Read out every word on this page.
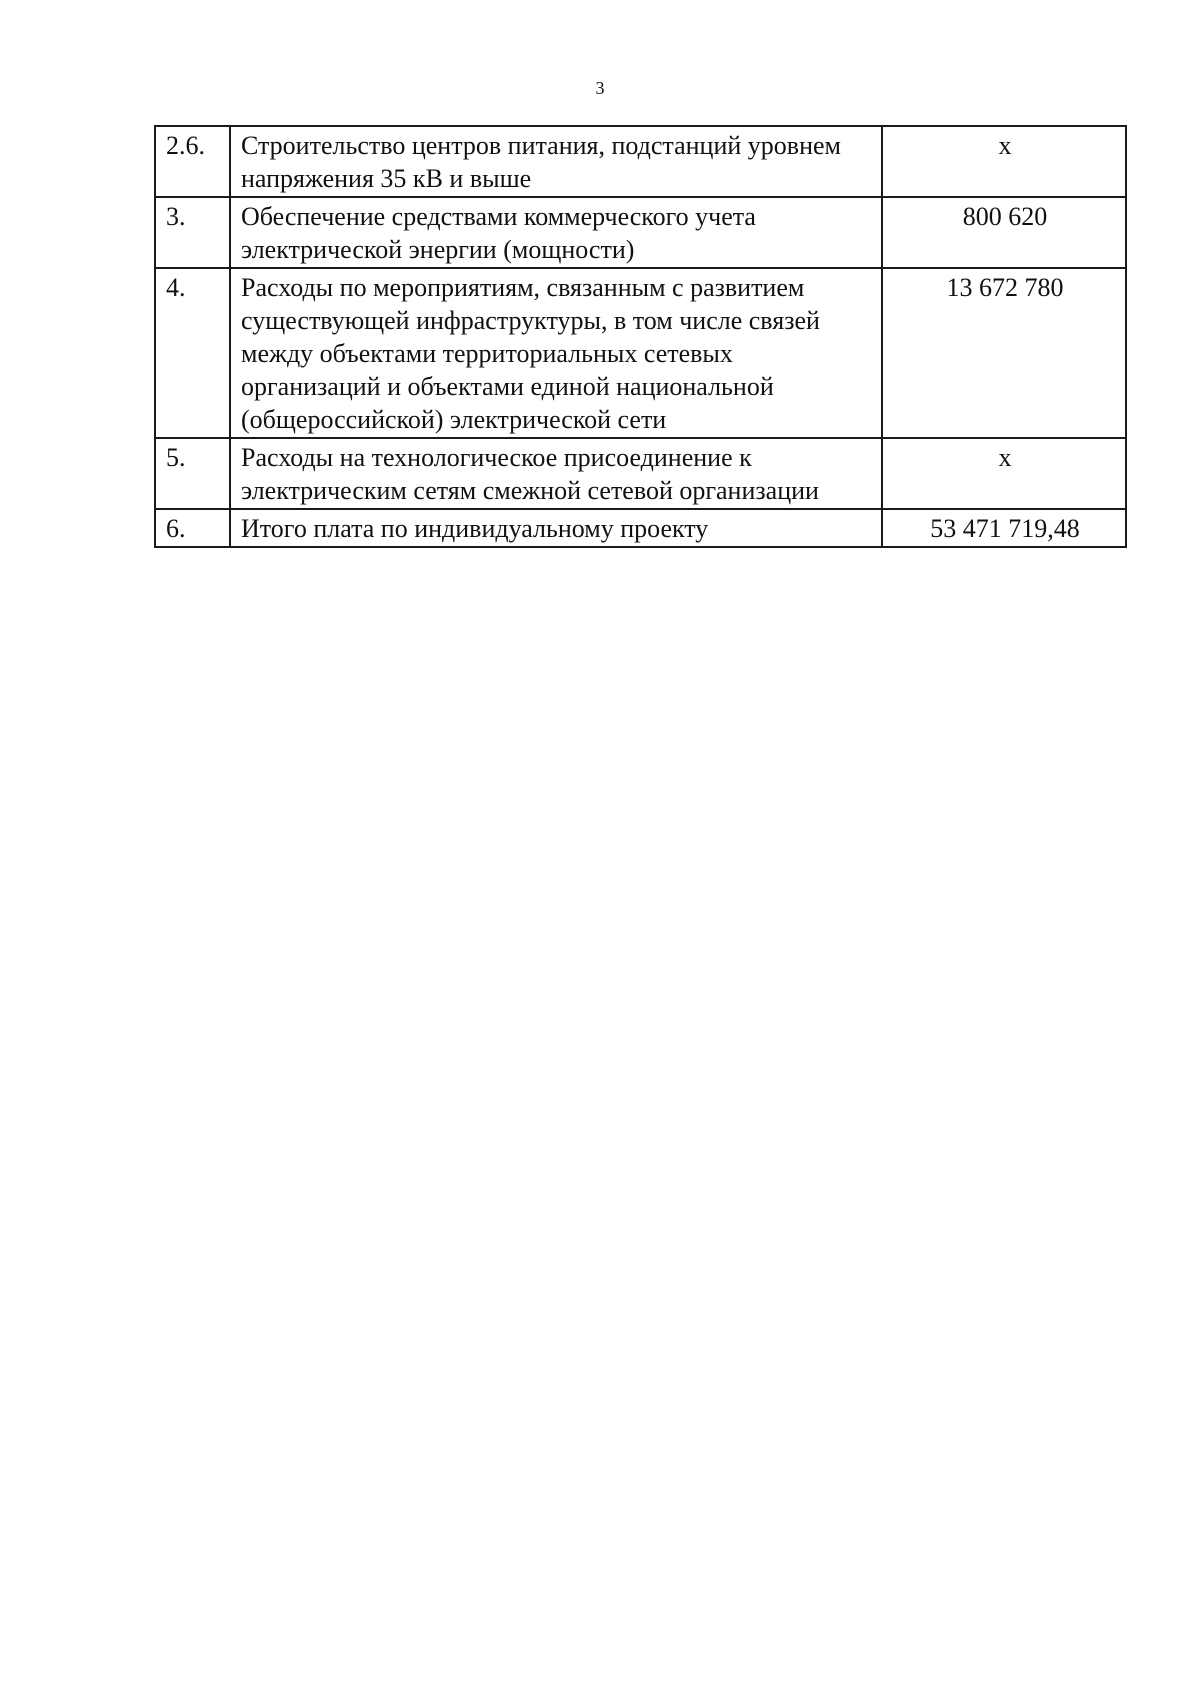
3
2.6.	Строительство центров питания, подстанций уровнем напряжения 35 кВ и выше	х
3.	Обеспечение средствами коммерческого учета электрической энергии (мощности)	800 620
4.	Расходы по мероприятиям, связанным с развитием существующей инфраструктуры, в том числе связей между объектами территориальных сетевых организаций и объектами единой национальной (общероссийской) электрической сети	13 672 780
5.	Расходы на технологическое присоединение к электрическим сетям смежной сетевой организации	х
6.	Итого плата по индивидуальному проекту	53 471 719,48
